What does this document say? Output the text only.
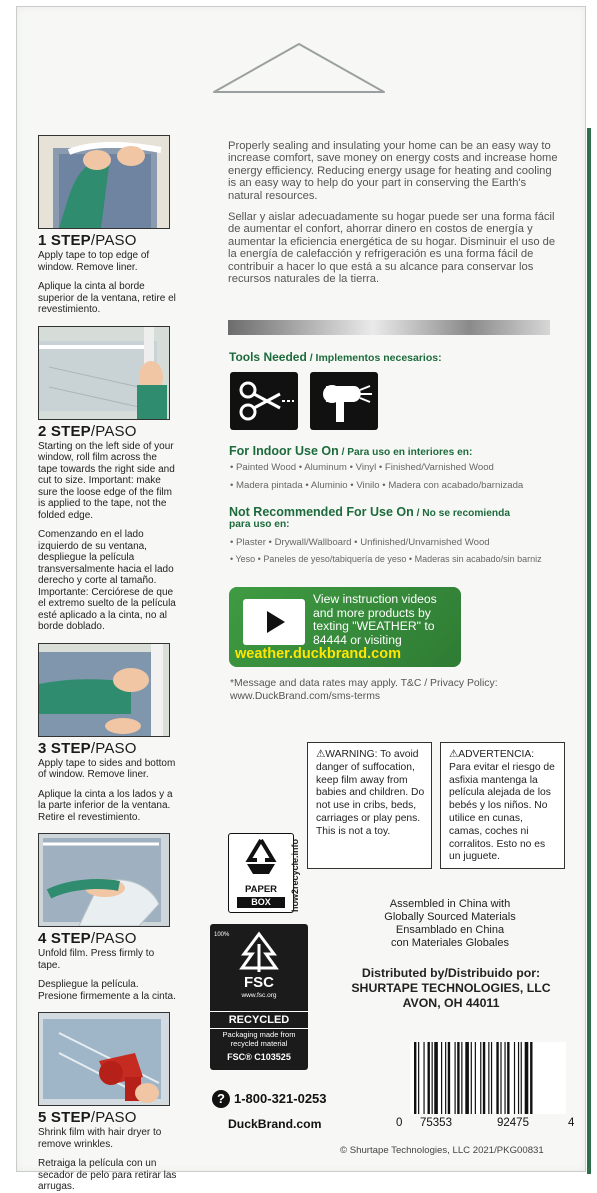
1 STEP/PASO
Apply tape to top edge of window. Remove liner.
Aplique la cinta al borde superior de la ventana, retire el revestimiento.
2 STEP/PASO
Starting on the left side of your window, roll film across the tape towards the right side and cut to size. Important: make sure the loose edge of the film is applied to the tape, not the folded edge.
Comenzando en el lado izquierdo de su ventana, despliegue la película transversalmente hacia el lado derecho y corte al tamaño. Importante: Cerciórese de que el extremo suelto de la película esté aplicado a la cinta, no al borde doblado.
3 STEP/PASO
Apply tape to sides and bottom of window. Remove liner.
Aplique la cinta a los lados y a la parte inferior de la ventana. Retire el revestimiento.
4 STEP/PASO
Unfold film. Press firmly to tape.
Despliegue la película. Presione firmemente a la cinta.
5 STEP/PASO
Shrink film with hair dryer to remove wrinkles.
Retraiga la película con un secador de pelo para retirar las arrugas.
Properly sealing and insulating your home can be an easy way to increase comfort, save money on energy costs and increase home energy efficiency. Reducing energy usage for heating and cooling is an easy way to help do your part in conserving the Earth's natural resources.
Sellar y aislar adecuadamente su hogar puede ser una forma fácil de aumentar el confort, ahorrar dinero en costos de energía y aumentar la eficiencia energética de su hogar. Disminuir el uso de la energía de calefacción y refrigeración es una forma fácil de contribuir a hacer lo que está a su alcance para conservar los recursos naturales de la tierra.
Tools Needed / Implementos necesarios:
For Indoor Use On / Para uso en interiores en:
• Painted Wood • Aluminum • Vinyl • Finished/Varnished Wood
• Madera pintada • Aluminio • Vinilo • Madera con acabado/barnizada
Not Recommended For Use On / No se recomienda
para uso en:
• Plaster • Drywall/Wallboard • Unfinished/Unvarnished Wood
• Yeso • Paneles de yeso/tabiquería de yeso • Maderas sin acabado/sin barniz
View instruction videos and more products by texting "WEATHER" to 84444 or visiting
weather.duckbrand.com
*Message and data rates may apply. T&C / Privacy Policy: www.DuckBrand.com/sms-terms
⚠WARNING: To avoid danger of suffocation, keep film away from babies and children. Do not use in cribs, beds, carriages or play pens. This is not a toy.
⚠ADVERTENCIA: Para evitar el riesgo de asfixia mantenga la película alejada de los bebés y los niños. No utilice en cunas, camas, coches ni corralitos. Esto no es un juguete.
PAPER
BOX	how2recycle.info
100%
FSC
www.fsc.org
RECYCLED
Packaging made from recycled material
FSC® C103525
Assembled in China with
Globally Sourced Materials
Ensamblado en China
con Materiales Globales
Distributed by/Distribuido por:
SHURTAPE TECHNOLOGIES, LLC
AVON, OH 44011
0 75353	92475	4
? 1-800-321-0253
DuckBrand.com
© Shurtape Technologies, LLC 2021/PKG00831
